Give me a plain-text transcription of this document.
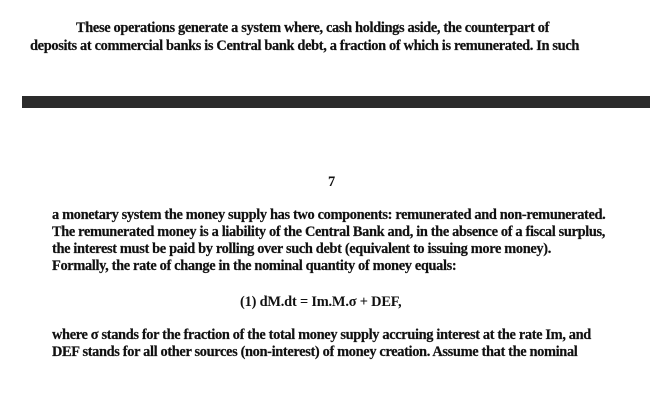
These operations generate a system where, cash holdings aside, the counterpart of
deposits at commercial banks is Central bank debt, a fraction of which is remunerated. In such
7
a monetary system the money supply has two components: remunerated and non-remunerated.
The remunerated money is a liability of the Central Bank and, in the absence of a fiscal surplus,
the interest must be paid by rolling over such debt (equivalent to issuing more money).
Formally, the rate of change in the nominal quantity of money equals:
(1) dM.dt = Im.M.σ + DEF,
where σ stands for the fraction of the total money supply accruing interest at the rate Im, and
DEF stands for all other sources (non-interest) of money creation. Assume that the nominal
